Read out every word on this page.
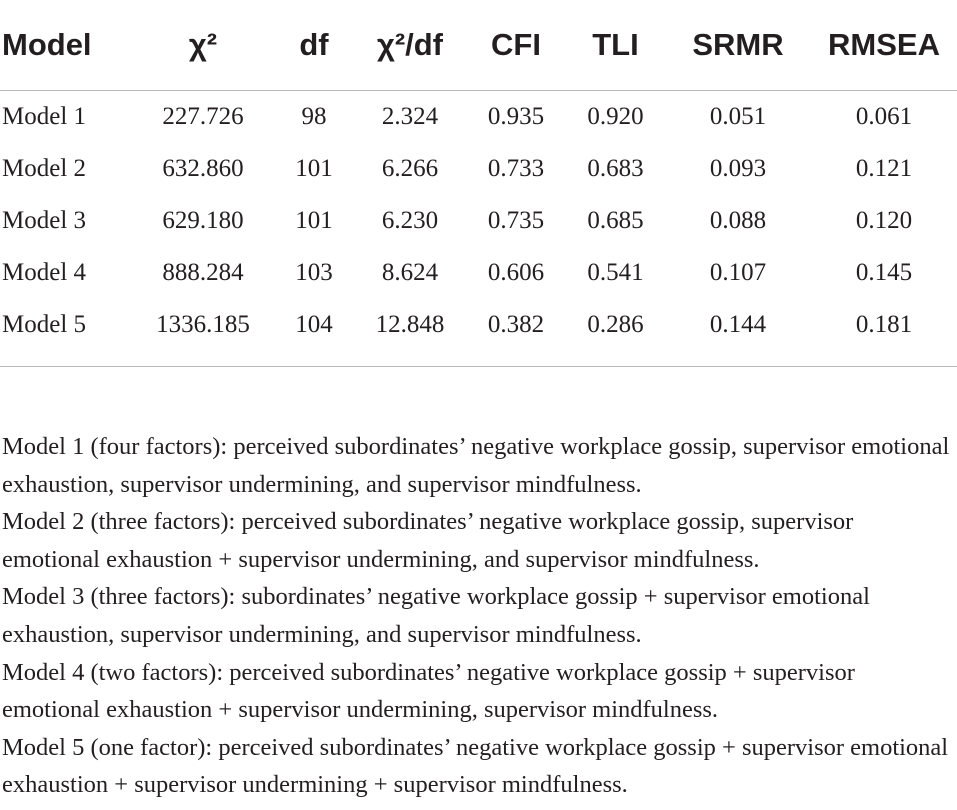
Model	χ²	df	χ²/df	CFI	TLI	SRMR	RMSEA
Model 1	227.726	98	2.324	0.935	0.920	0.051	0.061
Model 2	632.860	101	6.266	0.733	0.683	0.093	0.121
Model 3	629.180	101	6.230	0.735	0.685	0.088	0.120
Model 4	888.284	103	8.624	0.606	0.541	0.107	0.145
Model 5	1336.185	104	12.848	0.382	0.286	0.144	0.181

Model 1 (four factors): perceived subordinates’ negative workplace gossip, supervisor emotional exhaustion, supervisor undermining, and supervisor mindfulness.

Model 2 (three factors): perceived subordinates’ negative workplace gossip, supervisor emotional exhaustion + supervisor undermining, and supervisor mindfulness.

Model 3 (three factors): subordinates’ negative workplace gossip + supervisor emotional exhaustion, supervisor undermining, and supervisor mindfulness.

Model 4 (two factors): perceived subordinates’ negative workplace gossip + supervisor emotional exhaustion + supervisor undermining, supervisor mindfulness.

Model 5 (one factor): perceived subordinates’ negative workplace gossip + supervisor emotional exhaustion + supervisor undermining + supervisor mindfulness.
